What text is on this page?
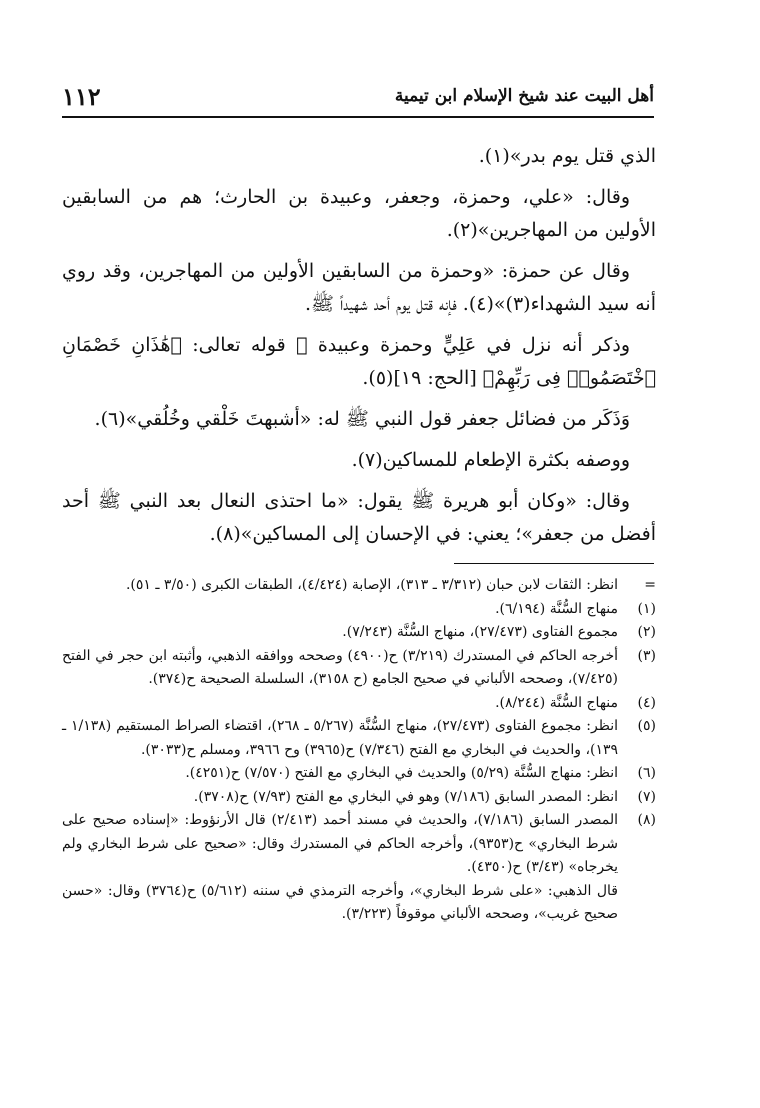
١١٢	أهل البيت عند شيخ الإسلام ابن تيمية

الذي قتل يوم بدر»(١).

وقال: «علي، وحمزة، وجعفر، وعبيدة بن الحارث؛ هم من السابقين الأولين من المهاجرين»(٢).

وقال عن حمزة: «وحمزة من السابقين الأولين من المهاجرين، وقد روي أنه سيد الشهداء(٣)»(٤). فإنه قتل يوم أحد شهيداً ﷺ.

وذكر أنه نزل في عَلِيٍّ وحمزة وعبيدة ﷺ قوله تعالى: ﴿هَٰذَانِ خَصْمَانِ ٱخْتَصَمُوا۟ فِى رَبِّهِمْ﴾ [الحج: ١٩](٥).

وَذَكَر من فضائل جعفر قول النبي ﷺ له: «أشبهتَ خَلْقي وخُلُقي»(٦).

ووصفه بكثرة الإطعام للمساكين(٧).

وقال: «وكان أبو هريرة ﷺ يقول: «ما احتذى النعال بعد النبي ﷺ أحد أفضل من جعفر»؛ يعني: في الإحسان إلى المساكين»(٨).

=
انظر: الثقات لابن حبان (٣/٣١٢ ـ ٣١٣)، الإصابة (٤/٤٢٤)، الطبقات الكبرى (٣/٥٠ ـ ٥١).
(١)
منهاج السُّنَّة (٦/١٩٤).
(٢)
مجموع الفتاوى (٢٧/٤٧٣)، منهاج السُّنَّة (٧/٢٤٣).
(٣)
أخرجه الحاكم في المستدرك (٣/٢١٩) ح(٤٩٠٠) وصححه ووافقه الذهبي، وأثبته ابن حجر في الفتح (٧/٤٢٥)، وصححه الألباني في صحيح الجامع (ح ٣١٥٨)، السلسلة الصحيحة ح(٣٧٤).
(٤)
منهاج السُّنَّة (٨/٢٤٤).
(٥)
انظر: مجموع الفتاوى (٢٧/٤٧٣)، منهاج السُّنَّة (٥/٢٦٧ ـ ٢٦٨)، اقتضاء الصراط المستقيم (١/١٣٨ ـ ١٣٩)، والحديث في البخاري مع الفتح (٧/٣٤٦) ح(٣٩٦٥) وح ٣٩٦٦، ومسلم ح(٣٠٣٣).
(٦)
انظر: منهاج السُّنَّة (٥/٢٩) والحديث في البخاري مع الفتح (٧/٥٧٠) ح(٤٢٥١).
(٧)
انظر: المصدر السابق (٧/١٨٦) وهو في البخاري مع الفتح (٧/٩٣) ح(٣٧٠٨).
(٨)
المصدر السابق (٧/١٨٦)، والحديث في مسند أحمد (٢/٤١٣) قال الأرنؤوط: «إسناده صحيح على شرط البخاري» ح(٩٣٥٣)، وأخرجه الحاكم في المستدرك وقال: «صحيح على شرط البخاري ولم يخرجاه» (٣/٤٣) ح(٤٣٥٠).

قال الذهبي: «على شرط البخاري»، وأخرجه الترمذي في سننه (٥/٦١٢) ح(٣٧٦٤) وقال: «حسن صحيح غريب»، وصححه الألباني موقوفاً (٣/٢٢٣).
